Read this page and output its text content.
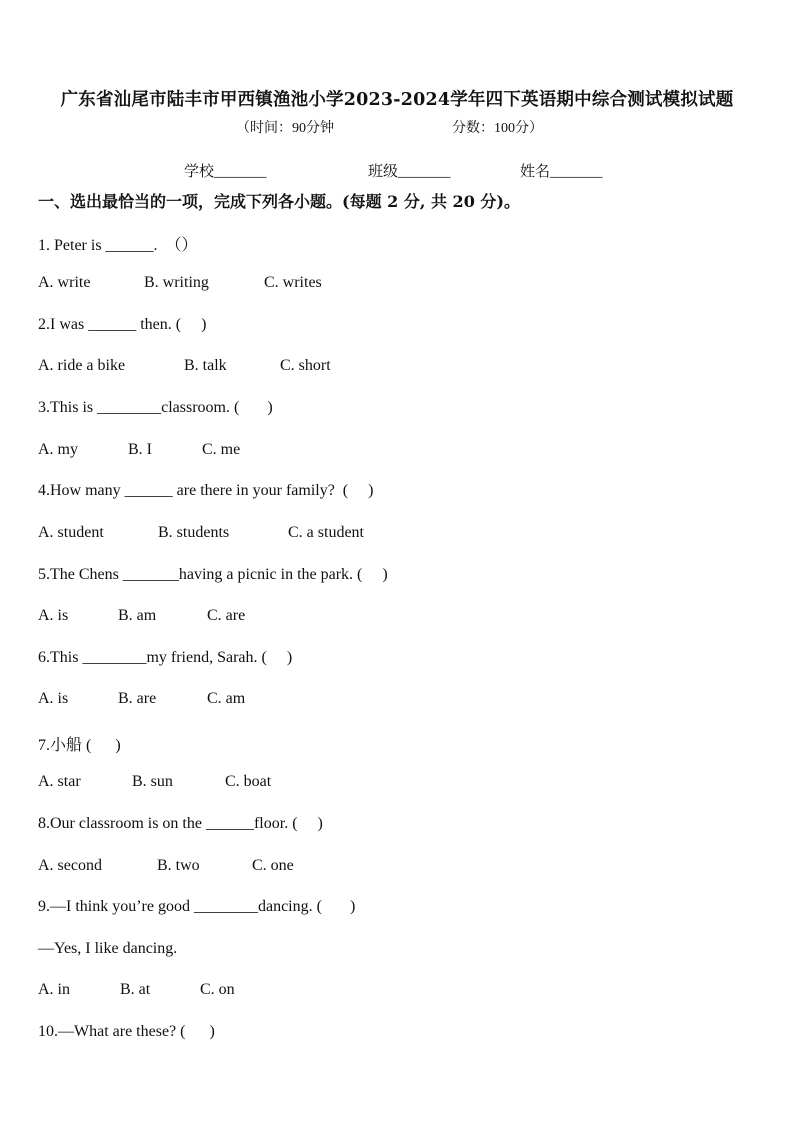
广东省汕尾市陆丰市甲西镇渔池小学2023-2024学年四下英语期中综合测试模拟试题
（时间：90分钟	分数：100分）
学校_______	班级_______	姓名_______
一、选出最恰当的一项，完成下列各小题。(每题 2 分, 共 20 分)。
1. Peter is ______.  （）
A. write	B. writing	C. writes
2.I was ______ then. (     )
A. ride a bike	B. talk	C. short
3.This is ________classroom. (       )
A. my	B. I	C. me
4.How many ______ are there in your family?  (     )
A. student	B. students	C. a student
5.The Chens _______having a picnic in the park. (     )
A. is	B. am	C. are
6.This ________my friend, Sarah. (     )
A. is	B. are	C. am
7.小船 (      )
A. star	B. sun	C. boat
8.Our classroom is on the ______floor. (     )
A. second	B. two	C. one
9.—I think you’re good ________dancing. (       )
—Yes, I like dancing.
A. in	B. at	C. on
10.—What are these? (      )
